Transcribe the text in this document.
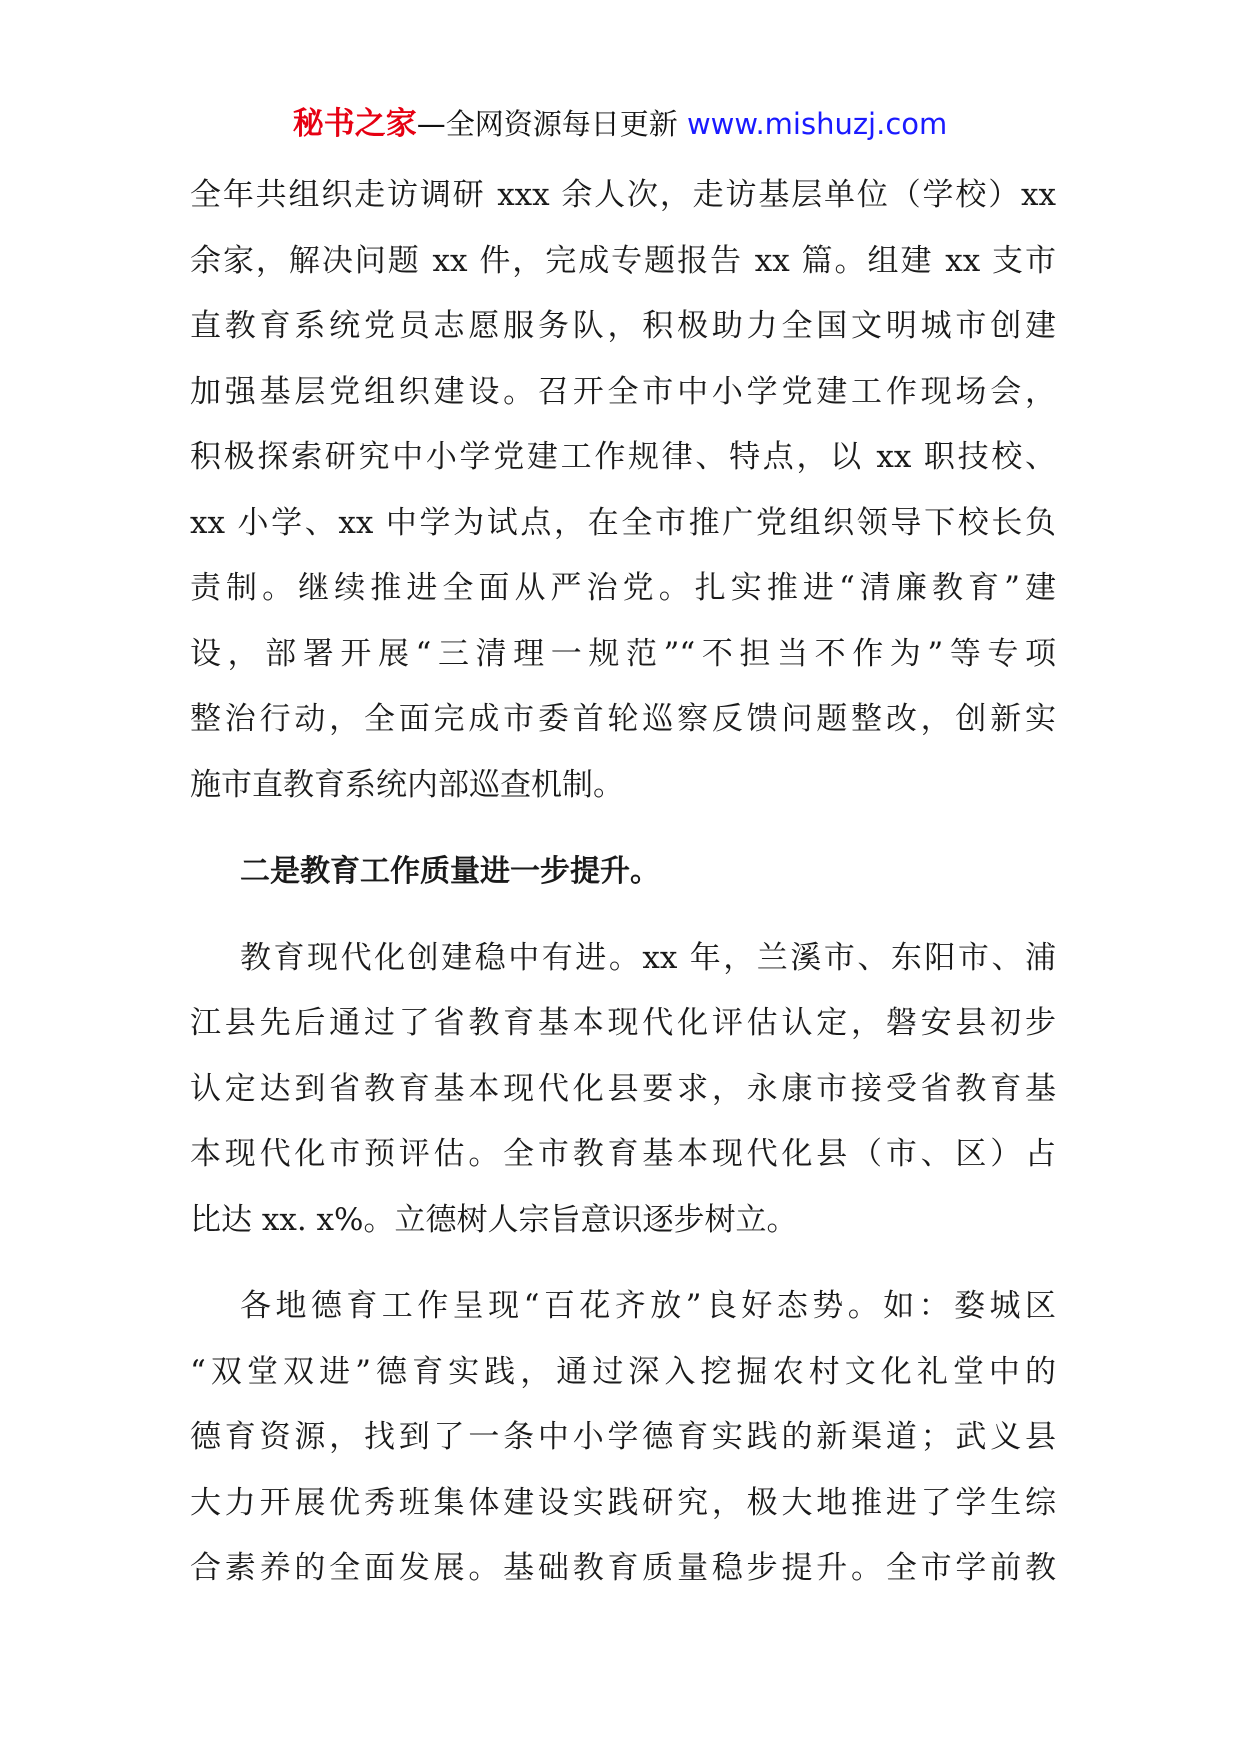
秘书之家—全网资源每日更新 www.mishuzj.com
全年共组织走访调研 xxx 余人次，走访基层单位（学校）xx
余家，解决问题 xx 件，完成专题报告 xx 篇。组建 xx 支市
直教育系统党员志愿服务队，积极助力全国文明城市创建
加强基层党组织建设。召开全市中小学党建工作现场会，
积极探索研究中小学党建工作规律、特点，以 xx 职技校、
xx 小学、xx 中学为试点，在全市推广党组织领导下校长负
责制。继续推进全面从严治党。扎实推进“清廉教育”建
设，部署开展“三清理一规范”“不担当不作为”等专项
整治行动，全面完成市委首轮巡察反馈问题整改，创新实
施市直教育系统内部巡查机制。
二是教育工作质量进一步提升。
教育现代化创建稳中有进。xx 年，兰溪市、东阳市、浦
江县先后通过了省教育基本现代化评估认定，磐安县初步
认定达到省教育基本现代化县要求，永康市接受省教育基
本现代化市预评估。全市教育基本现代化县（市、区）占
比达 xx. x%。立德树人宗旨意识逐步树立。
各地德育工作呈现“百花齐放”良好态势。如：婺城区
“双堂双进”德育实践，通过深入挖掘农村文化礼堂中的
德育资源，找到了一条中小学德育实践的新渠道；武义县
大力开展优秀班集体建设实践研究，极大地推进了学生综
合素养的全面发展。基础教育质量稳步提升。全市学前教
